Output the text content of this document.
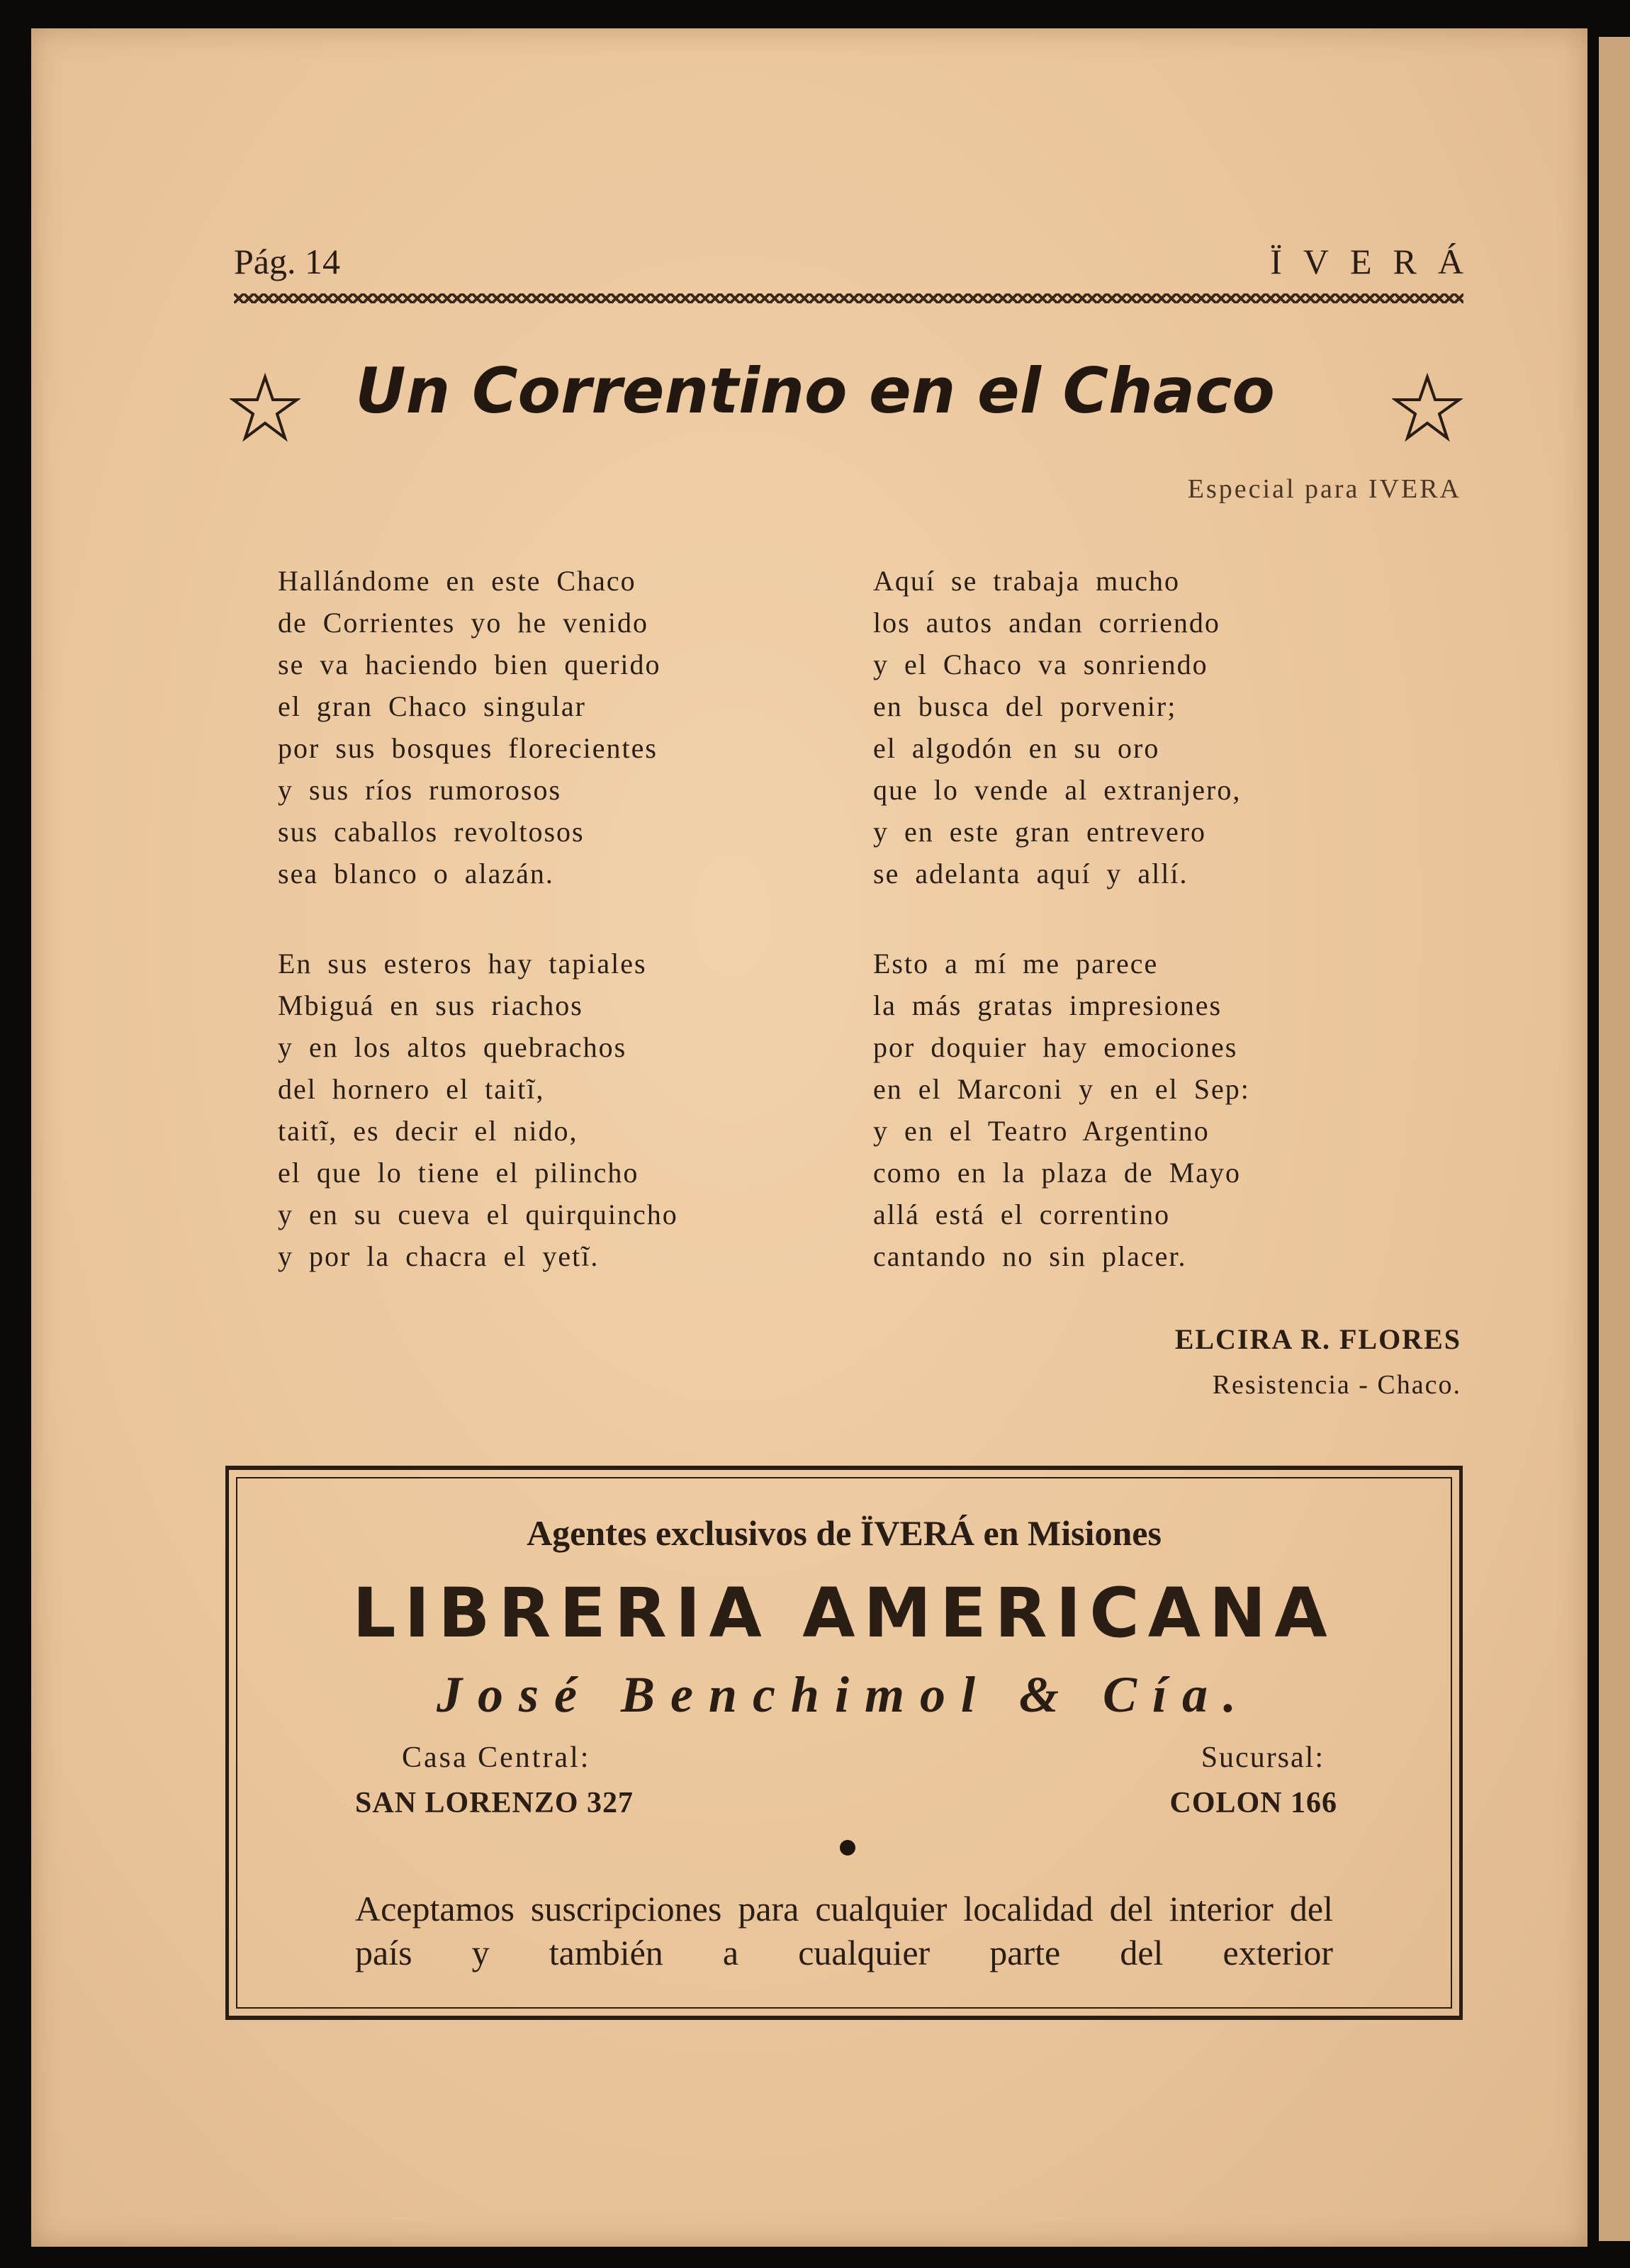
Pág. 14	ÏVERÁ
Un Correntino en el Chaco
Especial para IVERA

Hallándome en este Chaco

de Corrientes yo he venido

se va haciendo bien querido

el gran Chaco singular

por sus bosques florecientes

y sus ríos rumorosos

sus caballos revoltosos

sea blanco o alazán.

Aquí se trabaja mucho

los autos andan corriendo

y el Chaco va sonriendo

en busca del porvenir;

el algodón en su oro

que lo vende al extranjero,

y en este gran entrevero

se adelanta aquí y allí.

En sus esteros hay tapiales

Mbiguá en sus riachos

y en los altos quebrachos

del hornero el taitĩ,

taitĩ, es decir el nido,

el que lo tiene el pilincho

y en su cueva el quirquincho

y por la chacra el yetĩ.

Esto a mí me parece

la más gratas impresiones

por doquier hay emociones

en el Marconi y en el Sep:

y en el Teatro Argentino

como en la plaza de Mayo

allá está el correntino

cantando no sin placer.

ELCIRA R. FLORES
Resistencia - Chaco.
Agentes exclusivos de ÏVERÁ en Misiones
LIBRERIA AMERICANA
José Benchimol & Cía.
Casa Central:
SAN LORENZO 327
Sucursal:
COLON 166
Aceptamos suscripciones para cualquier localidad del interior del país y también a cualquier parte del exterior
